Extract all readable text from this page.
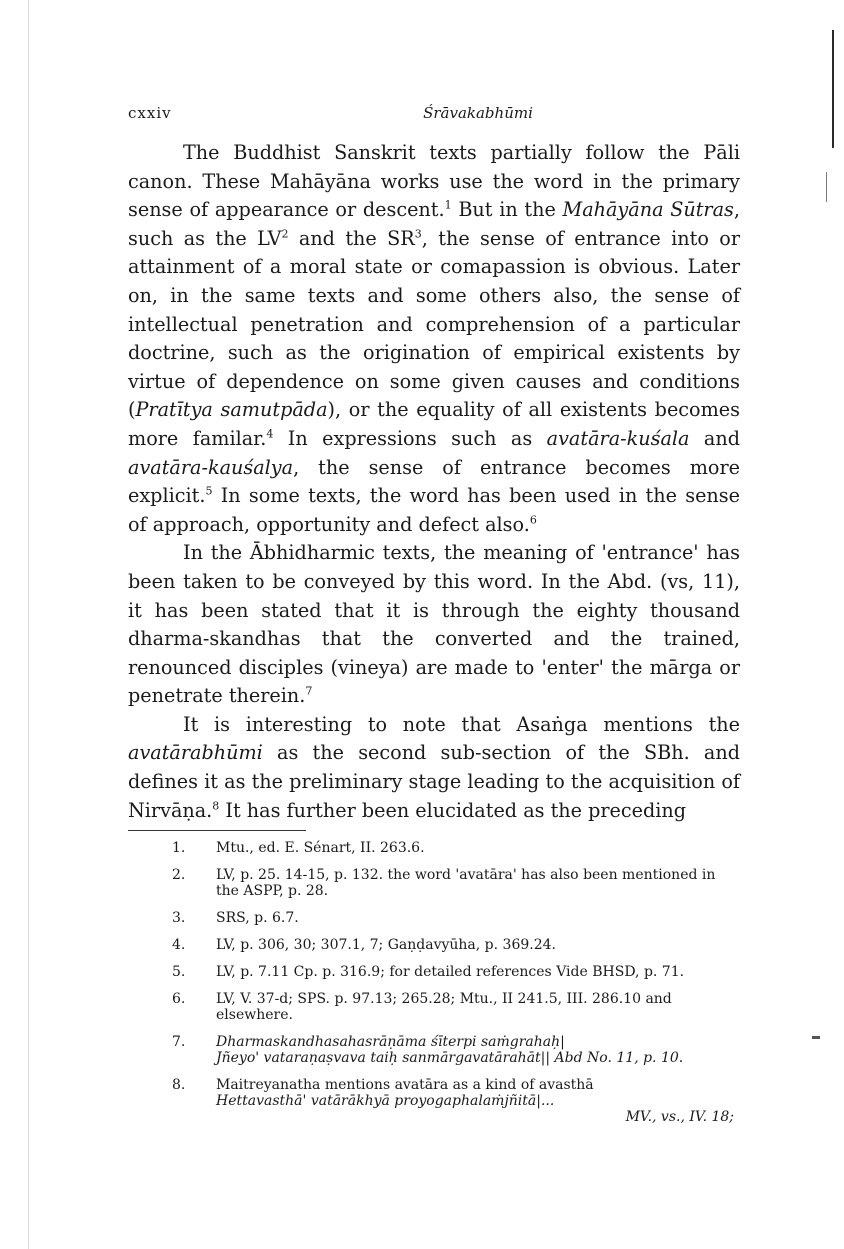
cxxiv	Śrāvakabhūmi

The Buddhist Sanskrit texts partially follow the Pāli canon. These Mahāyāna works use the word in the primary sense of appearance or descent.$^1$ But in the Mahāyāna Sūtras, such as the $LV^2$ and the $SR^3$, the sense of entrance into or attainment of a moral state or comapassion is obvious. Later on, in the same texts and some others also, the sense of intellectual penetration and comprehension of a particular doctrine, such as the origination of empirical existents by virtue of dependence on some given causes and conditions (Pratītya samutpāda), or the equality of all existents becomes more familar.$^4$ In expressions such as avatāra-kuśala and avatāra-kauśalya, the sense of entrance becomes more explicit.$^5$ In some texts, the word has been used in the sense of approach, opportunity and defect also.$^6$

In the Ābhidharmic texts, the meaning of 'entrance' has been taken to be conveyed by this word. In the Abd. (vs, 11), it has been stated that it is through the eighty thousand dharma-skandhas that the converted and the trained, renounced disciples (vineya) are made to 'enter' the mārga or penetrate therein.$^7$

It is interesting to note that Asaṅga mentions the avatārabhūmi as the second sub-section of the SBh. and defines it as the preliminary stage leading to the acquisition of Nirvāṇa.$^8$ It has further been elucidated as the preceding

1. Mtu., ed. E. Sénart, II. 263.6.
2. LV, p. 25. 14-15, p. 132. the word 'avatāra' has also been mentioned in the ASPP, p. 28.
3. SRS, p. 6.7.
4. LV, p. 306, 30; 307.1, 7; Gaṇḍavyūha, p. 369.24.
5. LV, p. 7.11 Cp. p. 316.9; for detailed references Vide BHSD, p. 71.
6. LV, V. 37-d; SPS. p. 97.13; 265.28; Mtu., II 241.5, III. 286.10 and elsewhere.
7. Dharmaskandhasahasrāṇāma śīterpi saṁgrahaḥ|
Jñeyo' vataraṇaṣvava taiḥ sanmārgavatārahāt|| Abd No. 11, p. 10.
8. Maitreyanatha mentions avatāra as a kind of avasthā
Hettavasthā' vatārākhyā proyogaphalaṁjñitā|...
MV., vs., IV. 18;
